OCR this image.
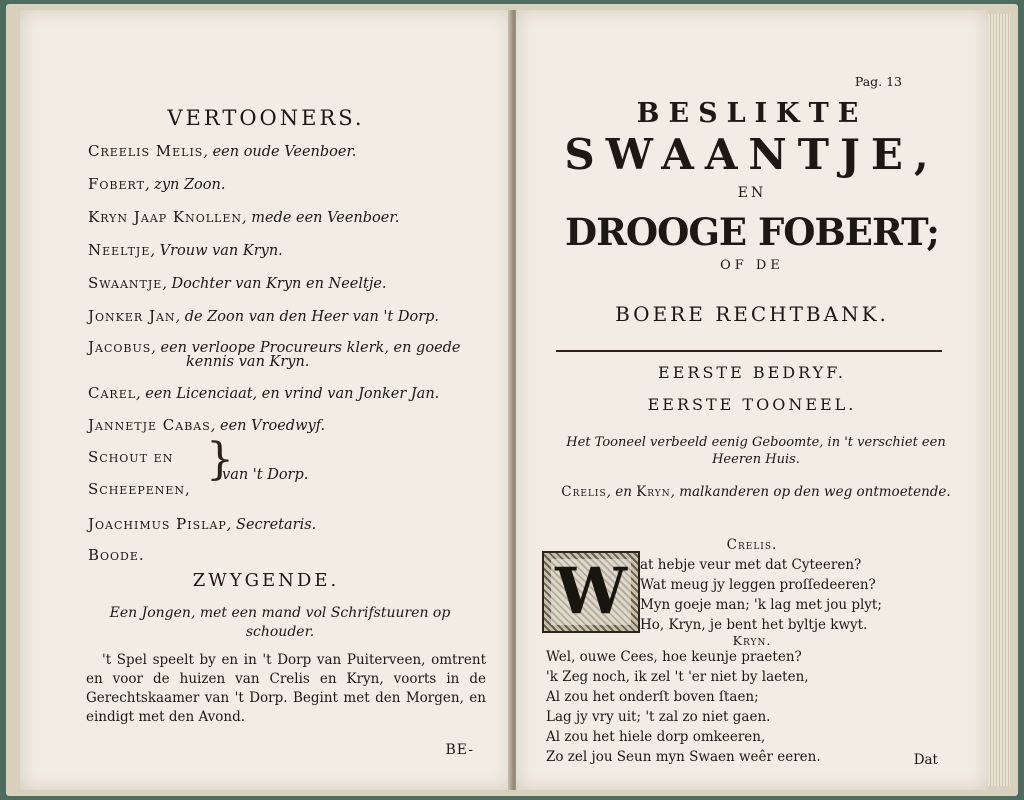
VERTOONERS.
Creelis Melis, een oude Veenboer.
Fobert, zyn Zoon.
Kryn Jaap Knollen, mede een Veenboer.
Neeltje, Vrouw van Kryn.
Swaantje, Dochter van Kryn en Neeltje.
Jonker Jan, de Zoon van den Heer van 't Dorp.
Jacobus, een verloope Procureurs klerk, en goede
kennis van Kryn.
Carel, een Licenciaat, en vrind van Jonker Jan.
Jannetje Cabas, een Vroedwyf.
Schout en
Scheepenen,
}
van 't Dorp.
Joachimus Pislap, Secretaris.
Boode.
ZWYGENDE.
Een Jongen, met een mand vol Schrifstuuren op schouder.
't Spel speelt by en in 't Dorp van Puiterveen, omtrent en voor de huizen van Crelis en Kryn, voorts in de Gerechtskaamer van 't Dorp. Begint met den Morgen, en eindigt met den Avond.
BE-
Pag. 13
BESLIKTE
SWAANTJE,
EN
DROOGE FOBERT;
OF DE
BOERE RECHTBANK.
EERSTE BEDRYF.
EERSTE TOONEEL.
Het Tooneel verbeeld eenig Geboomte, in 't verschiet een Heeren Huis.
Crelis, en Kryn, malkanderen op den weg ontmoetende.
Crelis.
W at hebje veur met dat Cyteeren?
Wat meug jy leggen proſſedeeren?
Myn goeje man; 'k lag met jou plyt;
Ho, Kryn, je bent het byltje kwyt.
Kryn.
Wel, ouwe Cees, hoe keunje praeten?
'k Zeg noch, ik zel 't 'er niet by laeten,
Al zou het onderſt boven ſtaen;
Lag jy vry uit; 't zal zo niet gaen.
Al zou het hiele dorp omkeeren,
Zo zel jou Seun myn Swaen weêr eeren.	Dat
